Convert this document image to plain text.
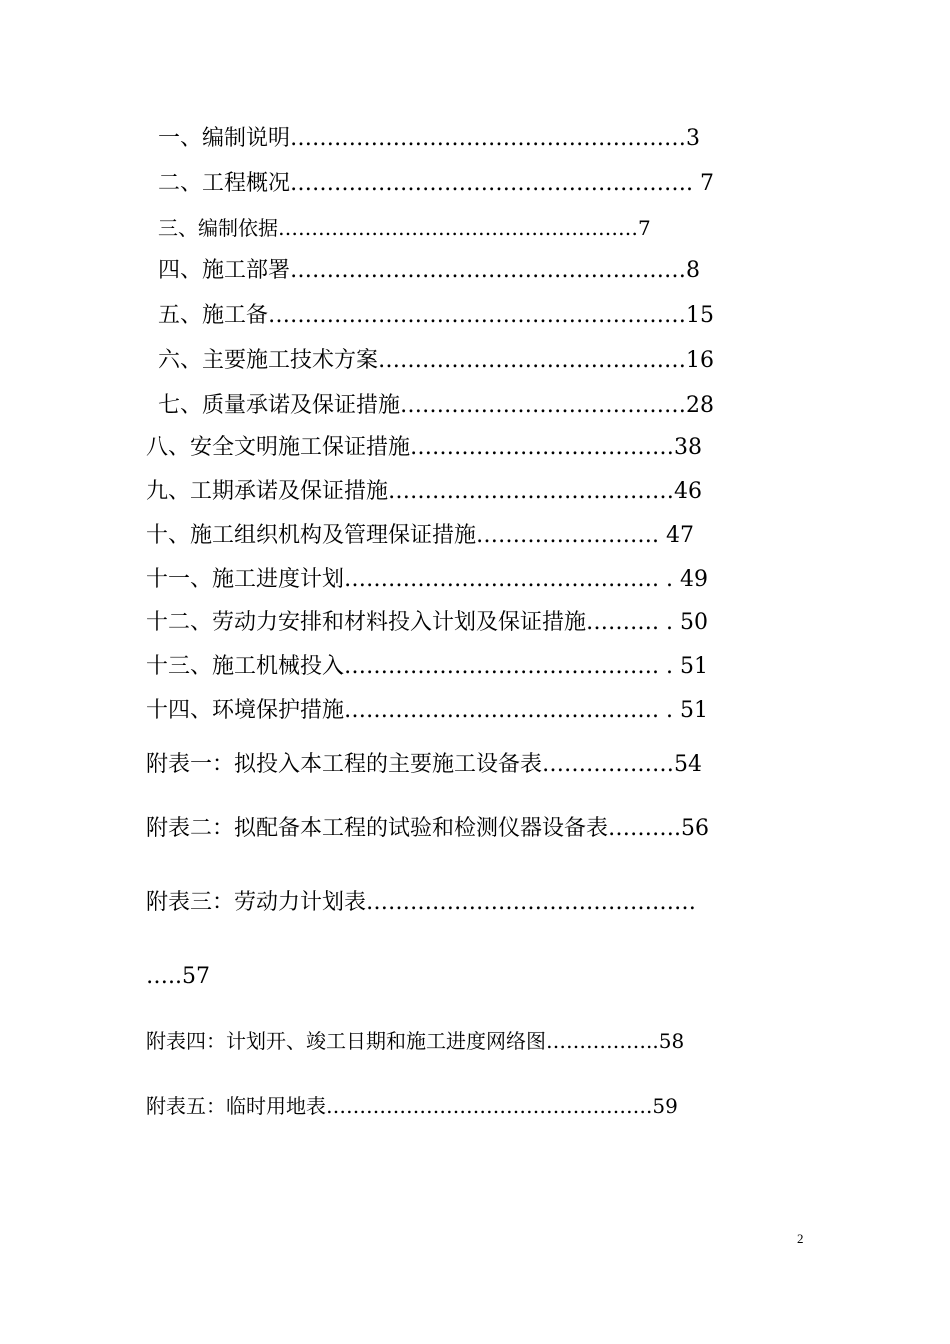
一、编制说明………………………………………………3
二、工程概况………………………………………………. 7
三、编制依据………………………………………………7
四、施工部署………………………………………………8
五、施工备…………………………………………………15
六、主要施工技术方案……………………………………16
七、质量承诺及保证措施…………………………………28
八、安全文明施工保证措施………………………………38
九、工期承诺及保证措施…………………………………46
十、施工组织机构及管理保证措施……………………. 47
十一、施工进度计划……………………………………. . 49
十二、劳动力安排和材料投入计划及保证措施………. . 50
十三、施工机械投入……………………………………. . 51
十四、环境保护措施……………………………………. . 51
附表一：拟投入本工程的主要施工设备表………………54
附表二：拟配备本工程的试验和检测仪器设备表……….56
附表三：劳动力计划表………………………………………
…..57
附表四：计划开、竣工日期和施工进度网络图……………..58
附表五：临时用地表………………………………………….59
2
